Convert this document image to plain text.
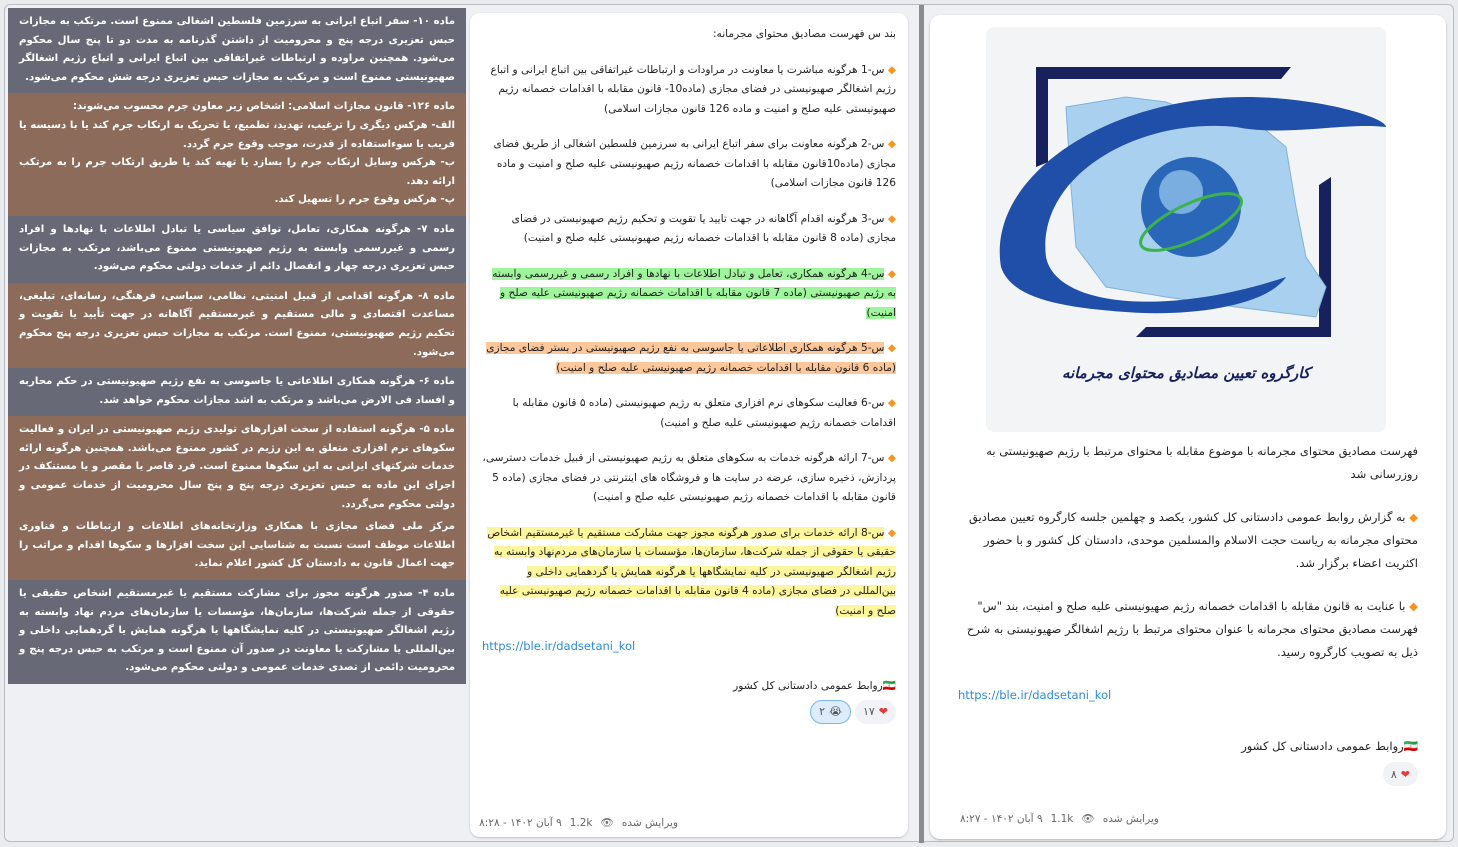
ماده ۱۰- سفر اتباع ایرانی به سرزمین فلسطین اشغالی ممنوع است. مرتکب به مجازات حبس تعزیری درجه پنج و محرومیت از داشتن گذرنامه به مدت دو تا پنج سال محکوم می‌شود. همچنین مراوده و ارتباطات غیراتفاقی بین اتباع ایرانی و اتباع رژیم اشغالگر صهیونیستی ممنوع است و مرتکب به مجازات حبس تعزیری درجه شش محکوم می‌شود.

ماده ۱۲۶- قانون مجازات اسلامی: اشخاص زیر معاون جرم محسوب می‌شوند:

الف- هرکس دیگری را ترغیب، تهدید، تطمیع، یا تحریک به ارتکاب جرم کند یا با دسیسه یا فریب یا سوءاستفاده از قدرت، موجب وقوع جرم گردد.

ب- هرکس وسایل ارتکاب جرم را بسازد یا تهیه کند یا طریق ارتکاب جرم را به مرتکب ارائه دهد.

پ- هرکس وقوع جرم را تسهیل کند.

ماده ۷- هرگونه همکاری، تعامل، توافق سیاسی یا تبادل اطلاعات با نهادها و افراد رسمی و غیررسمی وابسته به رژیم صهیونیستی ممنوع می‌باشد، مرتکب به مجازات حبس تعزیری درجه چهار و انفصال دائم از خدمات دولتی محکوم می‌شود.

ماده ۸- هرگونه اقدامی از قبیل امنیتی، نظامی، سیاسی، فرهنگی، رسانه‌ای، تبلیغی، مساعدت اقتصادی و مالی مستقیم و غیرمستقیم آگاهانه در جهت تأیید یا تقویت و تحکیم رژیم صهیونیستی، ممنوع است. مرتکب به مجازات حبس تعزیری درجه پنج محکوم می‌شود.

ماده ۶- هرگونه همکاری اطلاعاتی یا جاسوسی به نفع رژیم صهیونیستی در حکم محاربه و افساد فی الارض می‌باشد و مرتکب به اشد مجازات محکوم خواهد شد.

ماده ۵- هرگونه استفاده از سخت افزارهای تولیدی رژیم صهیونیستی در ایران و فعالیت سکوهای نرم افزاری متعلق به این رژیم در کشور ممنوع می‌باشد. همچنین هرگونه ارائه خدمات شرکتهای ایرانی به این سکوها ممنوع است. فرد قاصر یا مقصر و یا مستنکف در اجرای این ماده به حبس تعزیری درجه پنج و پنج سال محرومیت از خدمات عمومی و دولتی محکوم می‌گردد.

مرکز ملی فضای مجازی با همکاری وزارتخانه‌های اطلاعات و ارتباطات و فناوری اطلاعات موظف است نسبت به شناسایی این سخت افزارها و سکوها اقدام و مراتب را جهت اعمال قانون به دادستان کل کشور اعلام نماید.

ماده ۴- صدور هرگونه مجوز برای مشارکت مستقیم یا غیرمستقیم اشخاص حقیقی یا حقوقی از جمله شرکت‌ها، سازمان‌ها، مؤسسات یا سازمان‌های مردم نهاد وابسته به رژیم اشغالگر صهیونیستی در کلیه نمایشگاهها یا هرگونه همایش یا گردهمایی داخلی و بین‌المللی یا مشارکت یا معاونت در صدور آن ممنوع است و مرتکب به حبس درجه پنج و محرومیت دائمی از تصدی خدمات عمومی و دولتی محکوم می‌شود.

بند س فهرست مصادیق محتوای مجرمانه:

◆ س-1 هرگونه مباشرت یا معاونت در مراودات و ارتباطات غیراتفاقی بین اتباع ایرانی و اتباع رژیم اشغالگر صهیونیستی در فضای مجازی (ماده10- قانون مقابله با اقدامات خصمانه رژیم صهیونیستی علیه صلح و امنیت و ماده 126 قانون مجازات اسلامی)

◆ س-2 هرگونه معاونت برای سفر اتباع ایرانی به سرزمین فلسطین اشغالی از طریق فضای مجازی (ماده10قانون مقابله با اقدامات خصمانه رژیم صهیونیستی علیه صلح و امنیت و ماده 126 قانون مجازات اسلامی)

◆ س-3 هرگونه اقدام آگاهانه در جهت تایید یا تقویت و تحکیم رژیم صهیونیستی در فضای مجازی (ماده 8 قانون مقابله با اقدامات خصمانه رژیم صهیونیستی علیه صلح و امنیت)

◆ س-4 هرگونه همکاری، تعامل و تبادل اطلاعات با نهادها و افراد رسمی و غیررسمی وابسته به رژیم صهیونیستی (ماده 7 قانون مقابله با اقدامات خصمانه رژیم صهیونیستی علیه صلح و امنیت)

◆ س-5 هرگونه همکاری اطلاعاتی یا جاسوسی به نفع رژیم صهیونیستی در بستر فضای مجازی (ماده 6 قانون مقابله با اقدامات خصمانه رژیم صهیونیستی علیه صلح و امنیت)

◆ س-6 فعالیت سکوهای نرم افزاری متعلق به رژیم صهیونیستی (ماده ۵ قانون مقابله با اقدامات خصمانه رژیم صهیونیستی علیه صلح و امنیت)

◆ س-7 ارائه هرگونه خدمات به سکوهای متعلق به رژیم صهیونیستی از قبیل خدمات دسترسی، پردازش، ذخیره سازی، عرضه در سایت ها و فروشگاه های اینترنتی در فضای مجازی (ماده 5 قانون مقابله با اقدامات خصمانه رژیم صهیونیستی علیه صلح و امنیت)

◆ س-8 ارائه خدمات برای صدور هرگونه مجوز جهت مشارکت مستقیم یا غیرمستقیم اشخاص حقیقی یا حقوقی از جمله شرکت‌ها، سازمان‌ها، مؤسسات یا سازمان‌های مردم‌نهاد وابسته به رژیم اشغالگر صهیونیستی در کلیه نمایشگاهها یا هرگونه همایش یا گردهمایی داخلی و بین‌المللی در فضای مجازی (ماده 4 قانون مقابله با اقدامات خصمانه رژیم صهیونیستی علیه صلح و امنیت)

https://ble.ir/dadsetani_kol

🇮🇷روابط عمومی دادستانی کل کشور
❤
۱۷
😭
۲
ویرایش شده
👁
1.2k
۹ آبان ۱۴۰۲ - ۸:۲۸
کارگروه تعیین مصادیق محتوای مجرمانه

فهرست مصادیق محتوای مجرمانه با موضوع مقابله با محتوای مرتبط با رژیم صهیونیستی به روزرسانی شد

◆ به گزارش روابط عمومی دادستانی کل کشور، یکصد و چهلمین جلسه کارگروه تعیین مصادیق محتوای مجرمانه به ریاست حجت الاسلام والمسلمین موحدی، دادستان کل کشور و با حضور اکثریت اعضاء برگزار شد.

◆ با عنایت به قانون مقابله با اقدامات خصمانه رژیم صهیونیستی علیه صلح و امنیت، بند "س" فهرست مصادیق محتوای مجرمانه با عنوان محتوای مرتبط با رژیم اشغالگر صهیونیستی به شرح ذیل به تصویب کارگروه رسید.

https://ble.ir/dadsetani_kol

🇮🇷روابط عمومی دادستانی کل کشور
❤
۸
ویرایش شده
👁
1.1k
۹ آبان ۱۴۰۲ - ۸:۲۷
